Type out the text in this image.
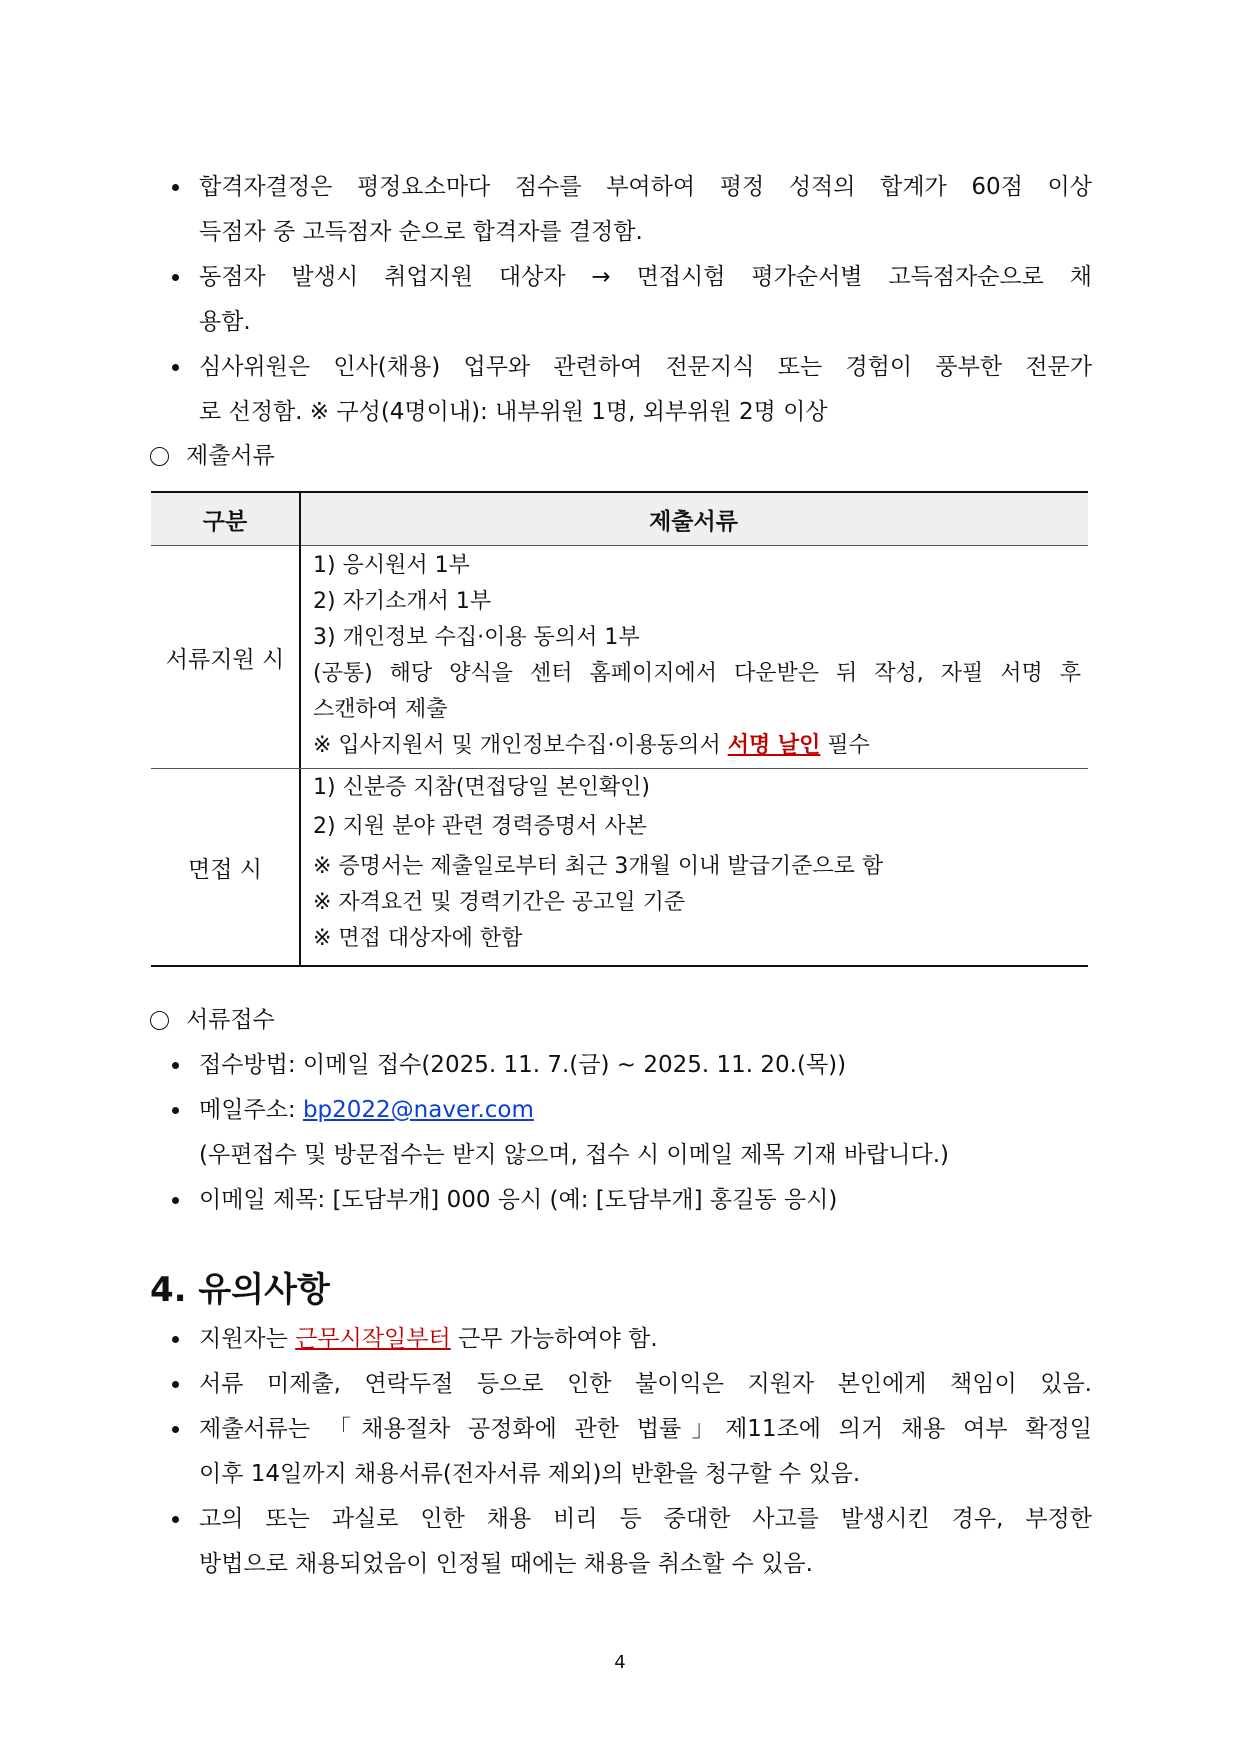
합격자결정은 평정요소마다 점수를 부여하여 평정 성적의 합계가 60점 이상
득점자 중 고득점자 순으로 합격자를 결정함.
동점자 발생시 취업지원 대상자 → 면접시험 평가순서별 고득점자순으로 채
용함.
심사위원은 인사(채용) 업무와 관련하여 전문지식 또는 경험이 풍부한 전문가
로 선정함. ※ 구성(4명이내): 내부위원 1명, 외부위원 2명 이상
제출서류
구분	제출서류
서류지원 시
1) 응시원서 1부
2) 자기소개서 1부
3) 개인정보 수집·이용 동의서 1부
(공통) 해당 양식을 센터 홈페이지에서 다운받은 뒤 작성, 자필 서명 후
스캔하여 제출
※ 입사지원서 및 개인정보수집·이용동의서 서명 날인 필수
면접 시
1) 신분증 지참(면접당일 본인확인)
2) 지원 분야 관련 경력증명서 사본
※ 증명서는 제출일로부터 최근 3개월 이내 발급기준으로 함
※ 자격요건 및 경력기간은 공고일 기준
※ 면접 대상자에 한함
서류접수
접수방법: 이메일 접수(2025. 11. 7.(금) ~ 2025. 11. 20.(목))
메일주소: bp2022@naver.com
(우편접수 및 방문접수는 받지 않으며, 접수 시 이메일 제목 기재 바랍니다.)
이메일 제목: [도담부개] 000 응시 (예: [도담부개] 홍길동 응시)
4. 유의사항
지원자는 근무시작일부터 근무 가능하여야 함.
서류 미제출, 연락두절 등으로 인한 불이익은 지원자 본인에게 책임이 있음.
제출서류는 「채용절차 공정화에 관한 법률」제11조에 의거 채용 여부 확정일
이후 14일까지 채용서류(전자서류 제외)의 반환을 청구할 수 있음.
고의 또는 과실로 인한 채용 비리 등 중대한 사고를 발생시킨 경우, 부정한
방법으로 채용되었음이 인정될 때에는 채용을 취소할 수 있음.
4
